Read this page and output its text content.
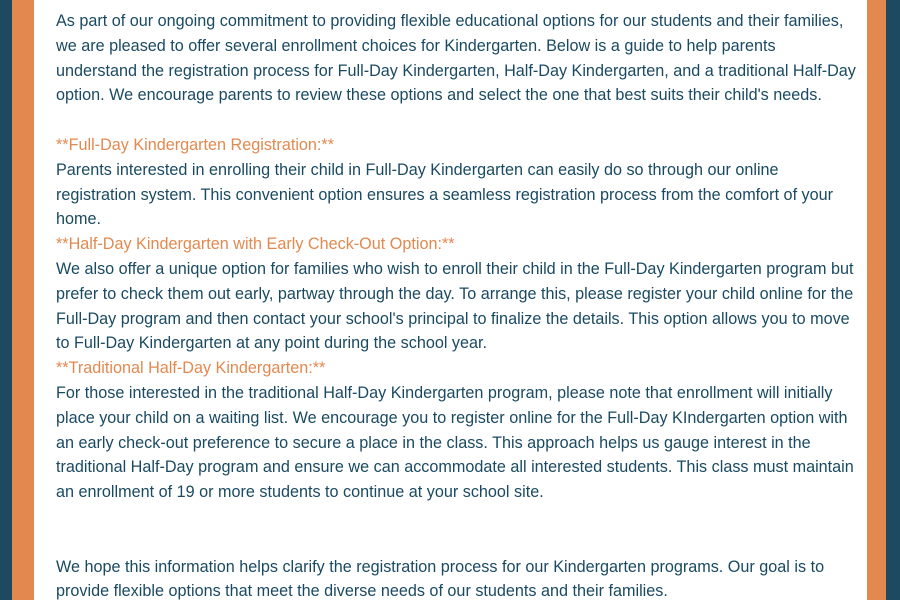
As part of our ongoing commitment to providing flexible educational options for our students and their families, we are pleased to offer several enrollment choices for Kindergarten. Below is a guide to help parents understand the registration process for Full-Day Kindergarten, Half-Day Kindergarten, and a traditional Half-Day option. We encourage parents to review these options and select the one that best suits their child's needs.

**Full-Day Kindergarten Registration:**

Parents interested in enrolling their child in Full-Day Kindergarten can easily do so through our online registration system. This convenient option ensures a seamless registration process from the comfort of your home.

**Half-Day Kindergarten with Early Check-Out Option:**

We also offer a unique option for families who wish to enroll their child in the Full-Day Kindergarten program but prefer to check them out early, partway through the day. To arrange this, please register your child online for the Full-Day program and then contact your school's principal to finalize the details. This option allows you to move to Full-Day Kindergarten at any point during the school year.

**Traditional Half-Day Kindergarten:**

For those interested in the traditional Half-Day Kindergarten program, please note that enrollment will initially place your child on a waiting list. We encourage you to register online for the Full-Day KIndergarten option with an early check-out preference to secure a place in the class. This approach helps us gauge interest in the traditional Half-Day program and ensure we can accommodate all interested students. This class must maintain an enrollment of 19 or more students to continue at your school site.

We hope this information helps clarify the registration process for our Kindergarten programs. Our goal is to provide flexible options that meet the diverse needs of our students and their families.
